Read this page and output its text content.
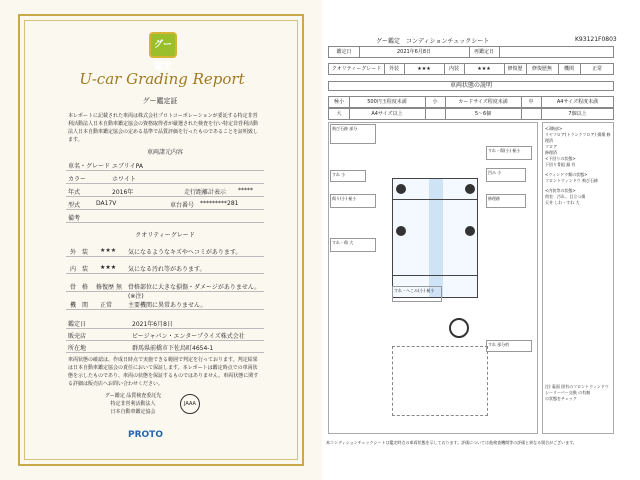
グー鑑定
U-car Grading Report
グー鑑定証
本レポートに記載された車両は株式会社プロトコーポレーションが委託する特定非営利活動法人日本自動車鑑定協会の資格取得者が厳選された検査を行い特定非営利活動法人日本自動車鑑定協会の定める基準で品質評価を行ったものであることを証明致します。
車両諸元内容
車名・グレード エブリイPA
カラー	ホワイト
年式	2016年	走行距離計表示 *****
型式	DA17V	車台番号 *********281
備考
クオリティーグレード
外　装 ★★★ 気になるようなキズやヘコミがあります。
内　装 ★★★ 気になる汚れ等があります。
骨　格 修復歴 無 骨格部位に大きな損傷・ダメージがありません。(※注)
機　関 正常	主要機関に異常ありません。
鑑定日	2021年6月8日
販売店	ビージャパン・エンタープライズ株式会社
所在地	群馬県前橋市下佐鳥町4654-1
車両状態の確認は、作成日時点で実施できる範囲で判定を行っております。判定結果は日本自動車鑑定協会の責任において保証します。本レポートは鑑定時点での車両状態を示したものであり、車両の状態を保証するものではありません。車両状態に関する詳細は販売店へお問い合わせください。
グー鑑定 品質検査委託先
特定非営利活動法人
日本自動車鑑定協会
JAAA
PROTO
グー鑑定　コンディションチェックシート	K93121F0803
鑑定日	2021年6月8日	再鑑定日
クオリティーグレード	外装	★★★	内装	★★★	修復歴	修復歴無	機関	正常
車両状態の説明
極小	500円玉程度未満	小	カードサイズ程度未満	中	A4サイズ程度未満
大	A4サイズ以上	5～6個	7個以上
飛び石跡 部分
すれ 小
傷り(小) 極小
すれ・傷 大
凹み 小
修理跡
すれ・へこみ(小) 極小
すれ・傷(小) 極小
すれ 部分的
<3階部>
リヤフロア(トランクフロア) 損傷 修理済
フロア
修理済
<下回りの状態>
下回り骨組 錆 有
<ウィンドウ類の状態>
フロントウィンドウ 飛び石跡
<内装等の状態>
荷室：汚れ、目立つ傷
天井 しわ・すれ 大
注) 裏面 固有のフロントウィンドウ
シーリーバー交換 の有無
の状態をチェック
本コンディションチェックシートは鑑定時点の車両状態を示しております。評価については他検査機関等の評価と異なる場合がございます。
